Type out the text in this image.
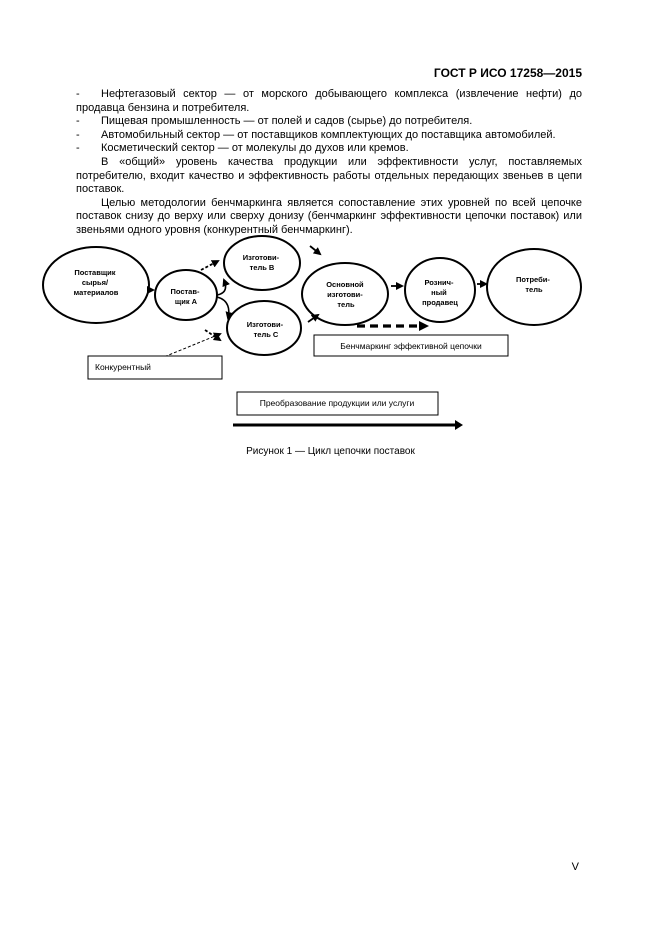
ГОСТ Р ИСО 17258—2015

- Нефтегазовый сектор — от морского добывающего комплекса (извлечение нефти) до продавца бензина и потребителя.

-	Пищевая промышленность — от полей и садов (сырье) до потребителя.

-	Автомобильный сектор — от поставщиков комплектующих до поставщика автомобилей.

-	Косметический сектор — от молекулы до духов или кремов.

В «общий» уровень качества продукции или эффективности услуг, поставляемых потребителю, входит качество и эффективность работы отдельных передающих звеньев в цепи поставок.

Целью методологии бенчмаркинга является сопоставление этих уровней по всей цепочке поставок снизу до верху или сверху донизу (бенчмаркинг эффективности цепочки поставок) или звеньями одного уровня (конкурентный бенчмаркинг).

Поставщик сырья/ материалов	Постав- щик А
Изготови- тель В
Изготови- тель С
Основной изготови- тель
Рознич- ный продавец
Потреби- тель
Бенчмаркинг эффективной цепочки
Конкурентный
Преобразование продукции или услуги
Рисунок 1 — Цикл цепочки поставок
V
